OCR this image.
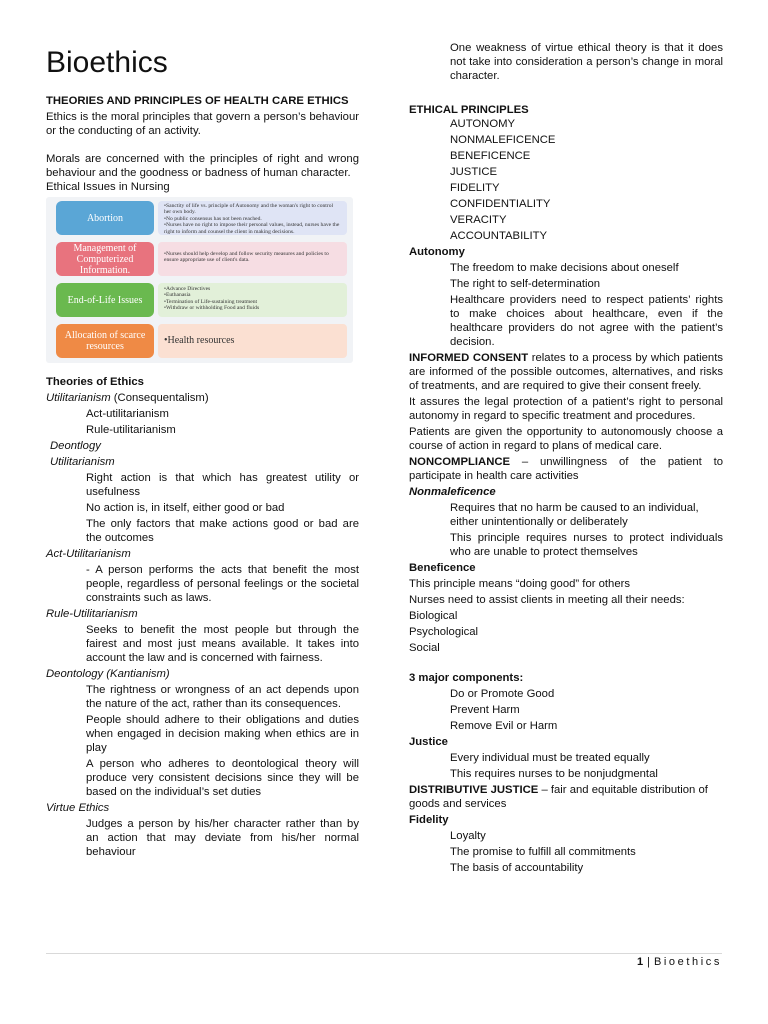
Bioethics

THEORIES AND PRINCIPLES OF HEALTH CARE ETHICS

Ethics is the moral principles that govern a person’s behaviour or the conducting of an activity.

Morals are concerned with the principles of right and wrong behaviour and the goodness or badness of human character.

Ethical Issues in Nursing

Abortion
• Sanctity of life vs. principle of Autonomy and the woman's right to control her own body.
• No public consensus has not been reached.
• Nurses have no right to impose their personal values, instead, nurses have the right to inform and counsel the client in making decisions.
Management of Computerized Information.
• Nurses should help develop and follow security measures and policies to ensure appropriate use of client's data.
End-of-Life Issues
• Advance Directives
• Euthanasia
• Termination of Life-sustaining treatment
• Withdraw or withholding Food and fluids
Allocation of scarce resources
• Health resources

Theories of Ethics

Utilitarianism (Consequentalism)

Act-utilitarianism

Rule-utilitarianism

Deontlogy

Utilitarianism

Right action is that which has greatest utility or usefulness

No action is, in itself, either good or bad

The only factors that make actions good or bad are the outcomes

Act-Utilitarianism

- A person performs the acts that benefit the most people, regardless of personal feelings or the societal constraints such as laws.

Rule-Utilitarianism

Seeks to benefit the most people but through the fairest and most just means available. It takes into account the law and is concerned with fairness.

Deontology (Kantianism)

The rightness or wrongness of an act depends upon the nature of the act, rather than its consequences.

People should adhere to their obligations and duties when engaged in decision making when ethics are in play

A person who adheres to deontological theory will produce very consistent decisions since they will be based on the individual’s set duties

Virtue Ethics

Judges a person by his/her character rather than by an action that may deviate from his/her normal behaviour

One weakness of virtue ethical theory is that it does not take into consideration a person’s change in moral character.

ETHICAL PRINCIPLES

AUTONOMY

NONMALEFICENCE

BENEFICENCE

JUSTICE

FIDELITY

CONFIDENTIALITY

VERACITY

ACCOUNTABILITY

Autonomy

The freedom to make decisions about oneself

The right to self-determination

Healthcare providers need to respect patients’ rights to make choices about healthcare, even if the healthcare providers do not agree with the patient’s decision.

INFORMED CONSENT relates to a process by which patients are informed of the possible outcomes, alternatives, and risks of treatments, and are required to give their consent freely.

It assures the legal protection of a patient’s right to personal autonomy in regard to specific treatment and procedures.

Patients are given the opportunity to autonomously choose a course of action in regard to plans of medical care.

NONCOMPLIANCE – unwillingness of the patient to participate in health care activities

Nonmaleficence

Requires that no harm be caused to an individual, either unintentionally or deliberately

This principle requires nurses to protect individuals who are unable to protect themselves

Beneficence

This principle means “doing good” for others

Nurses need to assist clients in meeting all their needs:

Biological

Psychological

Social

3 major components:

Do or Promote Good

Prevent Harm

Remove Evil or Harm

Justice

Every individual must be treated equally

This requires nurses to be nonjudgmental

DISTRIBUTIVE JUSTICE – fair and equitable distribution of goods and services

Fidelity

Loyalty

The promise to fulfill all commitments

The basis of accountability

1 | Bioethics
